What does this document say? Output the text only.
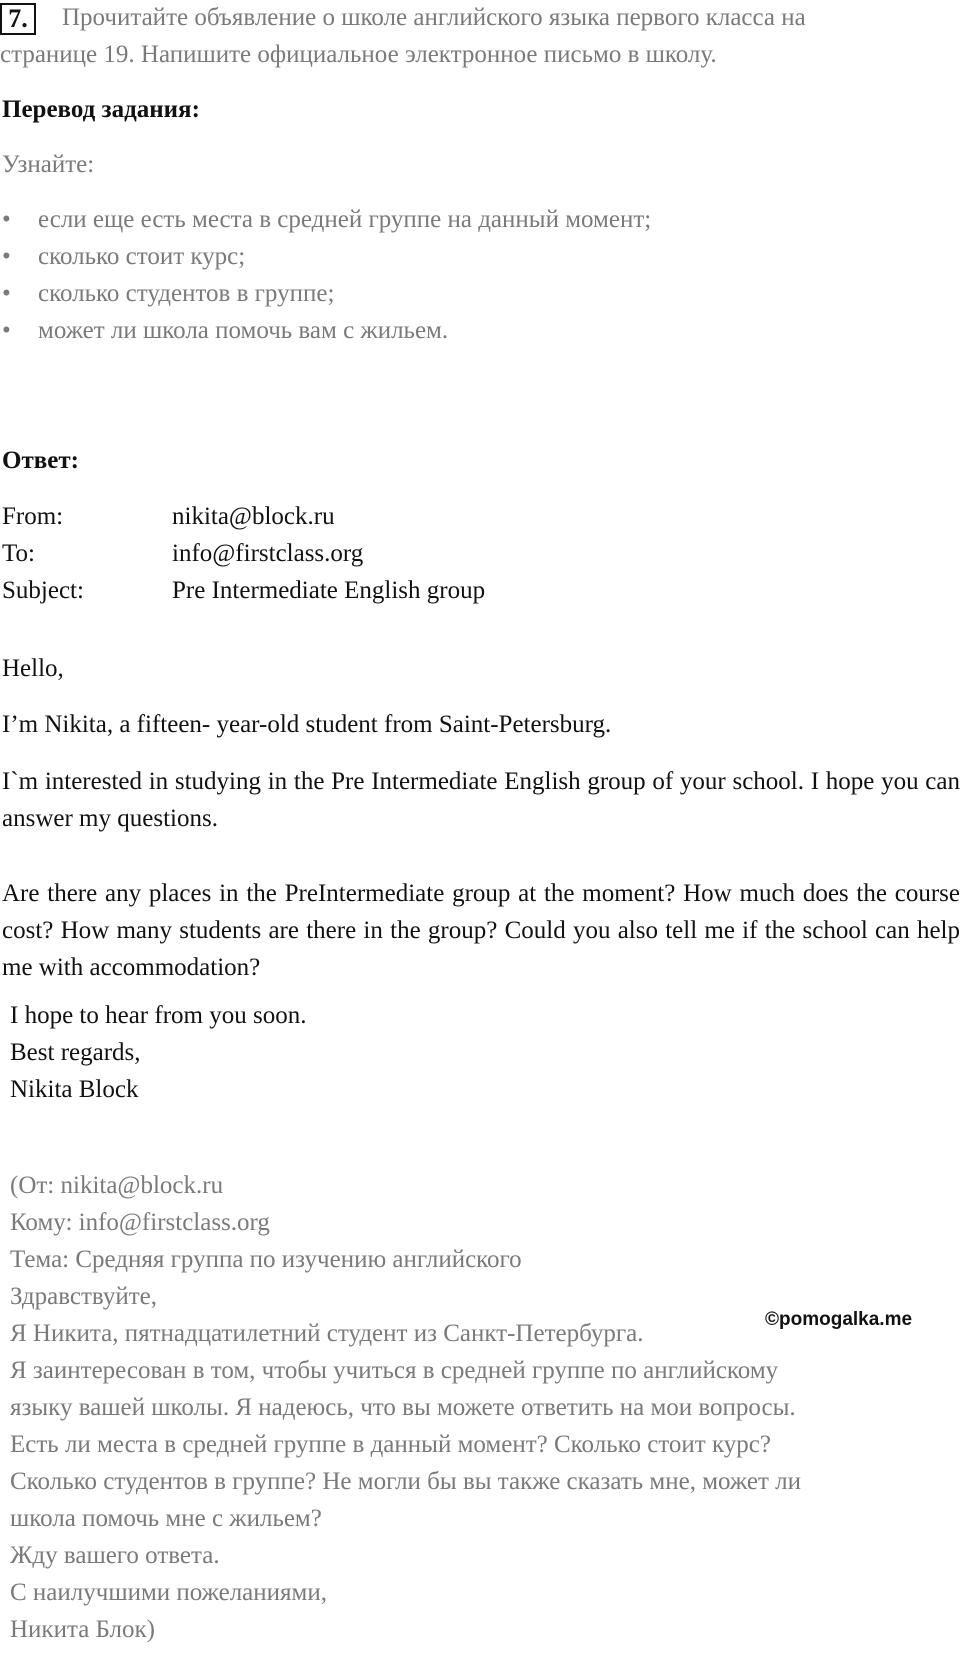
7.	Прочитайте объявление о школе английского языка первого класса на
странице 19. Напишите официальное электронное письмо в школу.
Перевод задания:
Узнайте:
• если еще есть места в средней группе на данный момент;
• сколько стоит курс;
• сколько студентов в группе;
• может ли школа помочь вам с жильем.
Ответ:
From:	nikita@block.ru
To:	info@firstclass.org
Subject:	Pre Intermediate English group
Hello,
I’m Nikita, a fifteen- year-old student from Saint-Petersburg.
I`m interested in studying in the Pre Intermediate English group of your school. I hope you can answer my questions.
Are there any places in the PreIntermediate group at the moment? How much does the course cost? How many students are there in the group? Could you also tell me if the school can help me with accommodation?
I hope to hear from you soon.
Best regards,
Nikita Block
(От: nikita@block.ru
Кому: info@firstclass.org
Тема: Средняя группа по изучению английского
Здравствуйте,
Я Никита, пятнадцатилетний студент из Санкт-Петербурга.
Я заинтересован в том, чтобы учиться в средней группе по английскому
языку вашей школы. Я надеюсь, что вы можете ответить на мои вопросы.
Есть ли места в средней группе в данный момент? Сколько стоит курс?
Сколько студентов в группе? Не могли бы вы также сказать мне, может ли
школа помочь мне с жильем?
Жду вашего ответа.
С наилучшими пожеланиями,
Никита Блок)
©pomogalka.me
